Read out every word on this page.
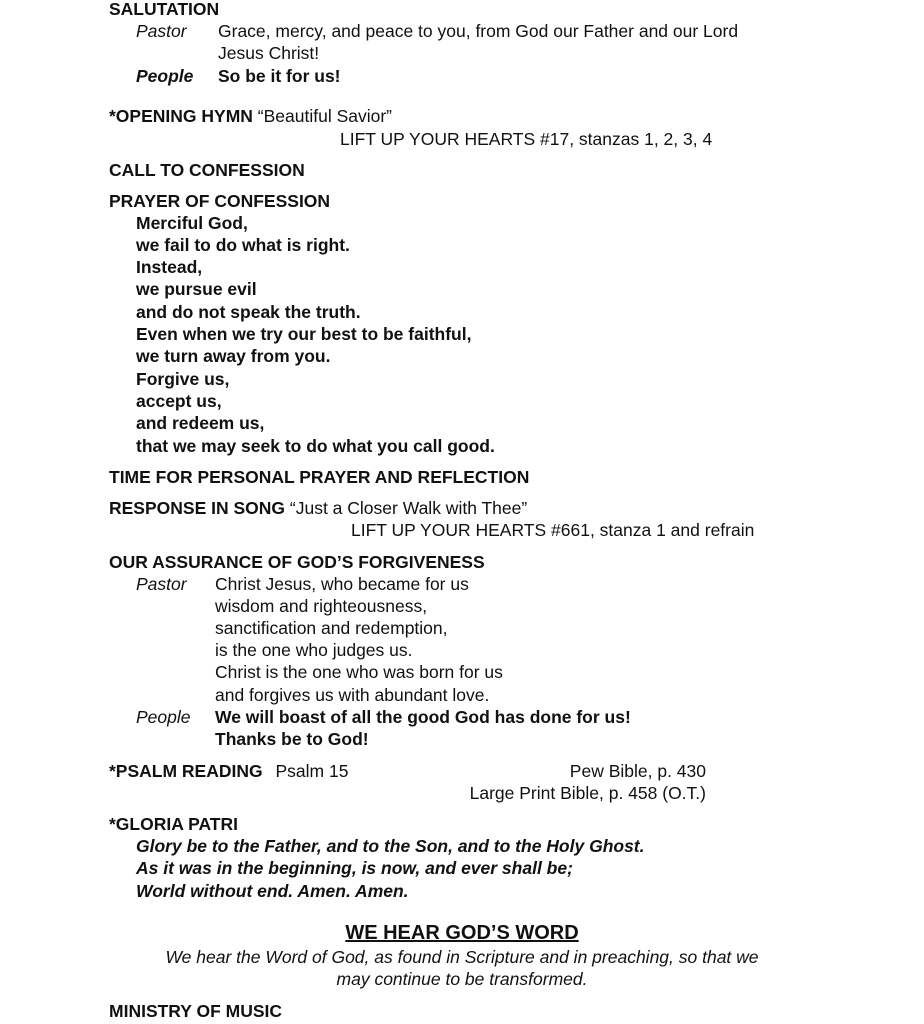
SALUTATION
Pastor Grace, mercy, and peace to you, from God our Father and our Lord
Jesus Christ!
People So be it for us!
*OPENING HYMN “Beautiful Savior”
LIFT UP YOUR HEARTS #17, stanzas 1, 2, 3, 4
CALL TO CONFESSION
PRAYER OF CONFESSION
Merciful God,
we fail to do what is right.
Instead,
we pursue evil
and do not speak the truth.
Even when we try our best to be faithful,
we turn away from you.
Forgive us,
accept us,
and redeem us,
that we may seek to do what you call good.
TIME FOR PERSONAL PRAYER AND REFLECTION
RESPONSE IN SONG “Just a Closer Walk with Thee”
LIFT UP YOUR HEARTS #661, stanza 1 and refrain
OUR ASSURANCE OF GOD’S FORGIVENESS
Pastor Christ Jesus, who became for us
wisdom and righteousness,
sanctification and redemption,
is the one who judges us.
Christ is the one who was born for us
and forgives us with abundant love.
People We will boast of all the good God has done for us!
Thanks be to God!
*PSALM READING Psalm 15	Pew Bible, p. 430
Large Print Bible, p. 458 (O.T.)
*GLORIA PATRI
Glory be to the Father, and to the Son, and to the Holy Ghost.
As it was in the beginning, is now, and ever shall be;
World without end. Amen. Amen.
WE HEAR GOD’S WORD
We hear the Word of God, as found in Scripture and in preaching, so that we
may continue to be transformed.
MINISTRY OF MUSIC
